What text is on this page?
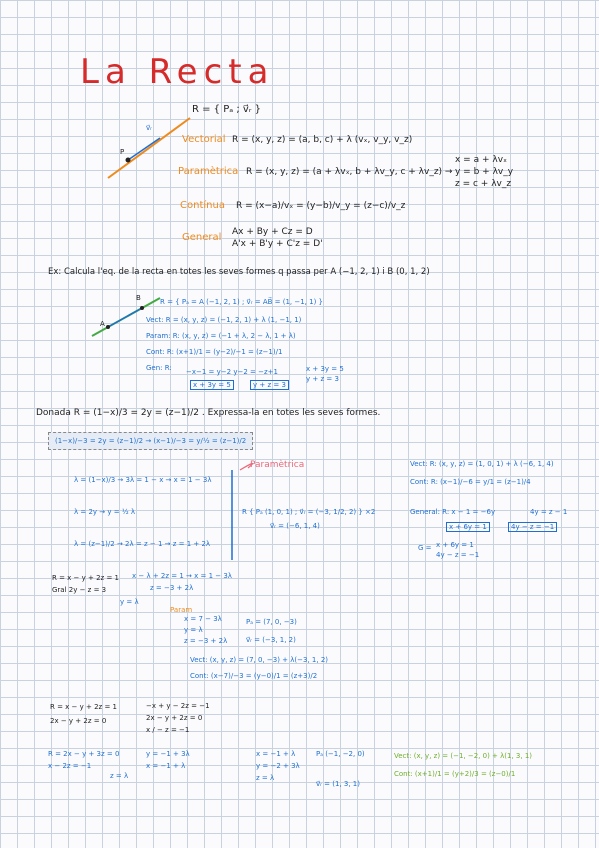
La Recta
P
v⃗ᵣ
R = { Pₐ ; v⃗ᵣ }
Vectorial R = (x, y, z) = (a, b, c) + λ (vₓ, v_y, v_z)
Paramètrica R = (x, y, z) = (a + λvₓ, b + λv_y, c + λv_z) →
x = a + λvₓ
y = b + λv_y
z = c + λv_z
Contínua R = (x−a)/vₓ = (y−b)/v_y = (z−c)/v_z
General Ax + By + Cz = D
A'x + B'y + C'z = D'
Ex: Calcula l'eq. de la recta en totes les seves formes q passa per A (−1, 2, 1) i B (0, 1, 2)
A
B	R = { Pₐ = A (−1, 2, 1) ; v⃗ᵣ = AB⃗ = (1, −1, 1) }
Vect: R = (x, y, z) = (−1, 2, 1) + λ (1, −1, 1)
Param: R: (x, y, z) = (−1 + λ, 2 − λ, 1 + λ)
Cont: R: (x+1)/1 = (y−2)/−1 = (z−1)/1
Gen: R: −x−1 = y−2 y−2 = −z+1
x + 3y = 5	y + z = 3
x + 3y = 5
y + z = 3
Donada R = (1−x)/3 = 2y = (z−1)/2 . Expressa-la en totes les seves formes.
(1−x)/−3 = 2y = (z−1)/2 → (x−1)/−3 = y/½ = (z−1)/2
Paramètrica
λ = (1−x)/3 → 3λ = 1 − x → x = 1 − 3λ
λ = 2y → y = ½ λ
λ = (z−1)/2 → 2λ = z − 1 → z = 1 + 2λ
R { Pₐ (1, 0, 1) ; v⃗ᵣ = (−3, 1/2, 2) } ×2
v⃗ᵣ = (−6, 1, 4)
Vect: R: (x, y, z) = (1, 0, 1) + λ (−6, 1, 4)
Cont: R: (x−1)/−6 = y/1 = (z−1)/4
General: R: x − 1 = −6y	4y = z − 1
x + 6y = 1	4y − z = −1
G = x + 6y = 1
4y − z = −1
R = x − y + 2z = 1
Gral 2y − z = 3
y = λ
x − λ + 2z = 1 → x = 1 − 3λ
z = −3 + 2λ
Param
x = 7 − 3λ
y = λ
z = −3 + 2λ
Pₐ = (7, 0, −3)
v⃗ᵣ = (−3, 1, 2)
Vect: (x, y, z) = (7, 0, −3) + λ(−3, 1, 2)
Cont: (x−7)/−3 = (y−0)/1 = (z+3)/2
R = x − y + 2z = 1
2x − y + 2z = 0
−x + y − 2z = −1
2x − y + 2z = 0
x / − z = −1
R = 2x − y + 3z = 0
x − 2z = −1
z = λ
y = −1 + 3λ
x = −1 + λ
x = −1 + λ
y = −2 + 3λ
z = λ
Pₐ (−1, −2, 0)
v⃗ᵣ = (1, 3, 1)
Vect: (x, y, z) = (−1, −2, 0) + λ(1, 3, 1)
Cont: (x+1)/1 = (y+2)/3 = (z−0)/1
